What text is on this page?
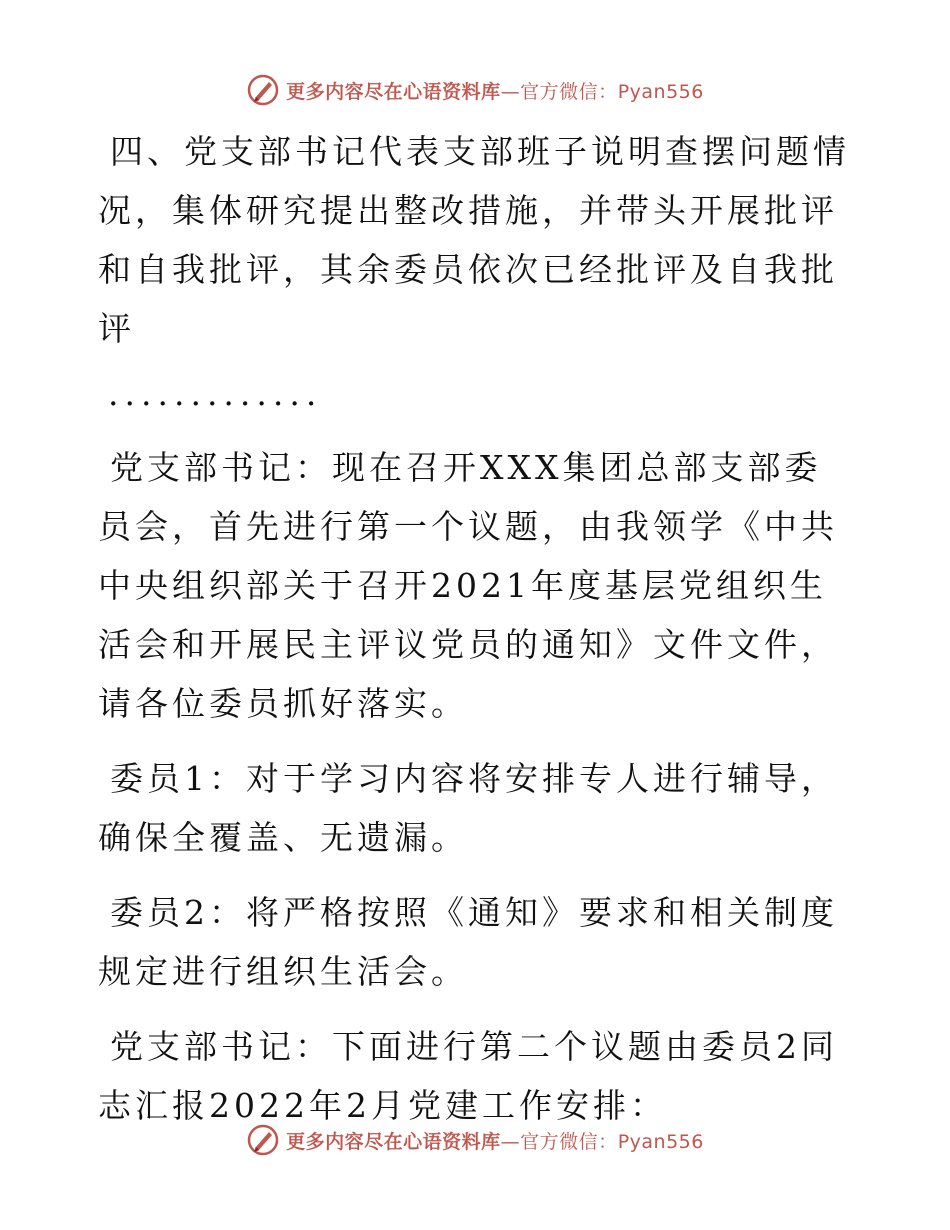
更多内容尽在心语资料库—官方微信：Pyan556

四、党支部书记代表支部班子说明查摆问题情况，集体研究提出整改措施，并带头开展批评和自我批评，其余委员依次已经批评及自我批评

.............

党支部书记：现在召开XXX集团总部支部委员会，首先进行第一个议题，由我领学《中共中央组织部关于召开2021年度基层党组织生活会和开展民主评议党员的通知》文件文件，请各位委员抓好落实。

委员1：对于学习内容将安排专人进行辅导，确保全覆盖、无遗漏。

委员2：将严格按照《通知》要求和相关制度规定进行组织生活会。

党支部书记：下面进行第二个议题由委员2同志汇报2022年2月党建工作安排：

更多内容尽在心语资料库—官方微信：Pyan556
